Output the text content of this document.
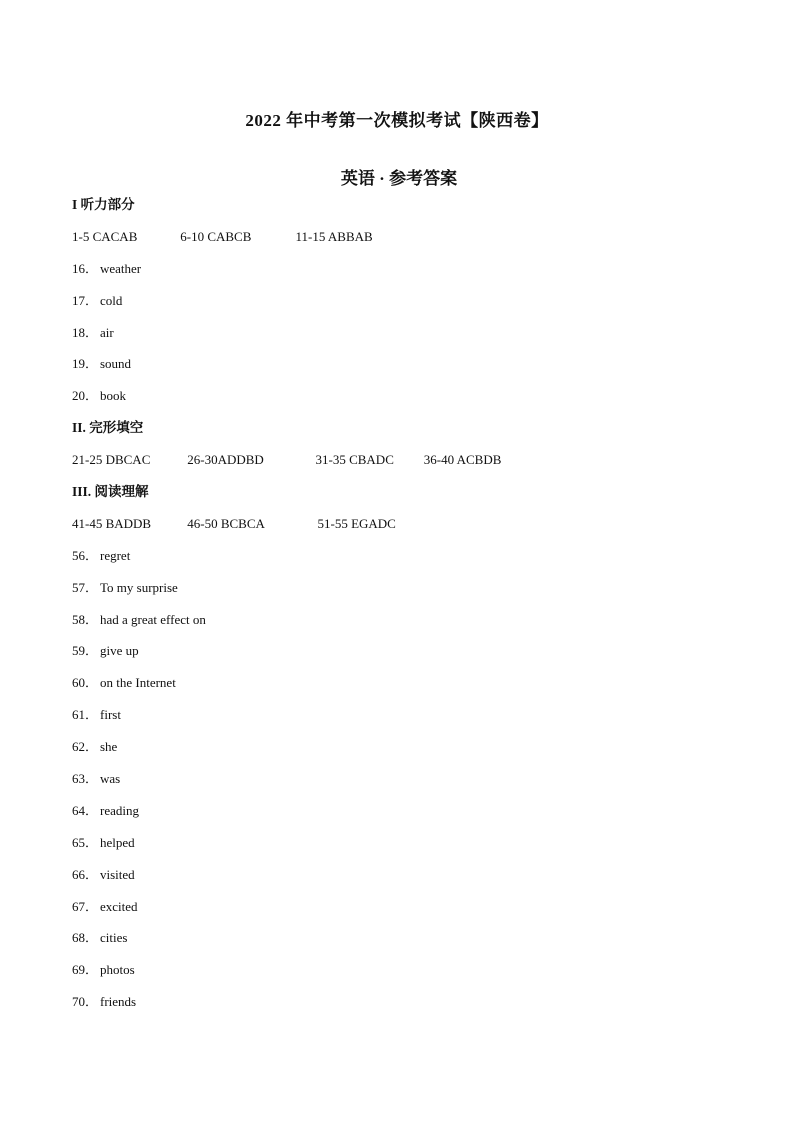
2022 年中考第一次模拟考试【陕西卷】
英语 · 参考答案
I 听力部分
1-5 CACAB	6-10 CABCB	11-15 ABBAB
16． weather
17． cold
18． air
19． sound
20． book
II. 完形填空
21-25 DBCAC	26-30ADDBD	31-35 CBADC 36-40 ACBDB
III. 阅读理解
41-45 BADDB	46-50 BCBCA	51-55 EGADC
56． regret
57． To my surprise
58． had a great effect on
59． give up
60． on the Internet
61． first
62． she
63． was
64． reading
65． helped
66． visited
67． excited
68． cities
69． photos
70． friends
